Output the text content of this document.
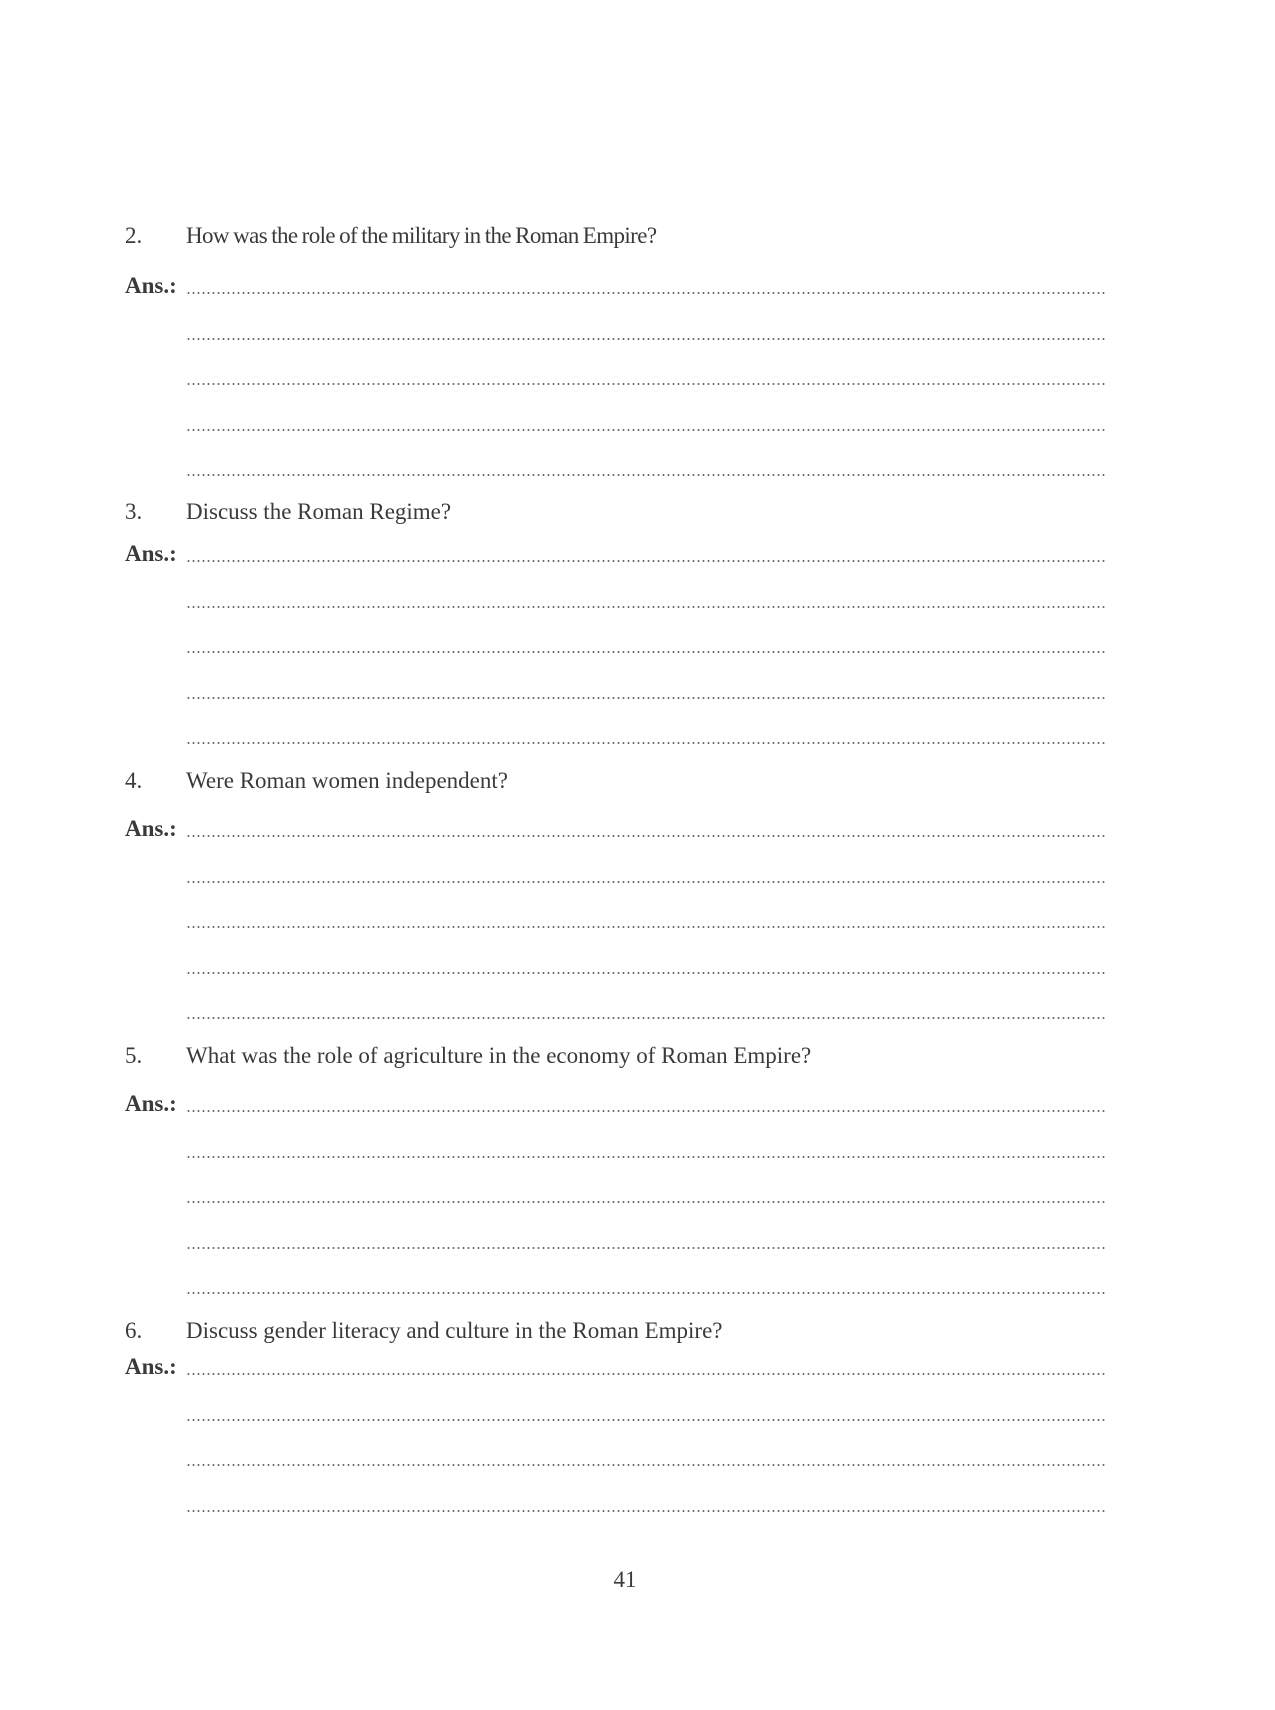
2. How was the role of the military in the Roman Empire?
Ans.:
3. Discuss the Roman Regime?
Ans.:
4. Were Roman women independent?
Ans.:
5. What was the role of agriculture in the economy of Roman Empire?
Ans.:
6. Discuss gender literacy and culture in the Roman Empire?
Ans.:
41
